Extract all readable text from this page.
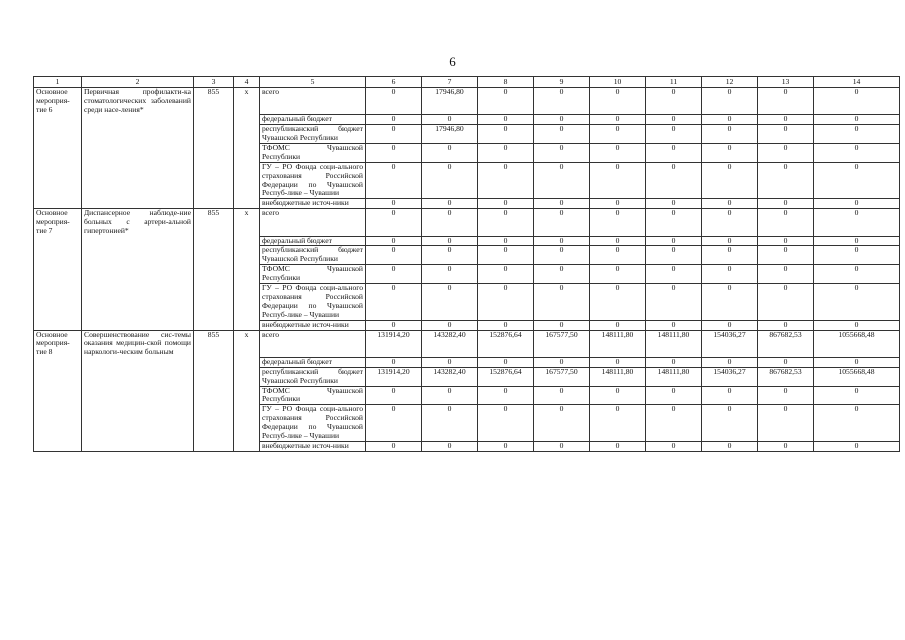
6
1	2	3	4	5	6	7	8	9	10	11	12	13	14
Основное мероприя-тие 6	Первичная профилакти-ка стоматологических заболеваний среди насе-ления*	855	х	всего	0	17946,80	0	0	0	0	0	0	0
				федеральный бюджет	0	0	0	0	0	0	0	0	0
				республиканский бюджет Чувашской Республики	0	17946,80	0	0	0	0	0	0	0
				ТФОМС Чувашской Республики	0	0	0	0	0	0	0	0	0
				ГУ – РО Фонда соци-ального страхования Российской Федерации по Чувашской Респуб-лике – Чувашии	0	0	0	0	0	0	0	0	0
				внебюджетные источ-ники	0	0	0	0	0	0	0	0	0
Основное мероприя-тие 7	Диспансерное наблюде-ние больных с артери-альной гипертонией*	855	х	всего	0	0	0	0	0	0	0	0	0
				федеральный бюджет	0	0	0	0	0	0	0	0	0
				республиканский бюджет Чувашской Республики	0	0	0	0	0	0	0	0	0
				ТФОМС Чувашской Республики	0	0	0	0	0	0	0	0	0
				ГУ – РО Фонда соци-ального страхования Российской Федерации по Чувашской Респуб-лике – Чувашии	0	0	0	0	0	0	0	0	0
				внебюджетные источ-ники	0	0	0	0	0	0	0	0	0
Основное мероприя-тие 8	Совершенствование сис-темы оказания медицин-ской помощи наркологи-ческим больным	855	х	всего	131914,20	143282,40	152876,64	167577,50	148111,80	148111,80	154036,27	867682,53	1055668,48
				федеральный бюджет	0	0	0	0	0	0	0	0	0
				республиканский бюджет Чувашской Республики	131914,20	143282,40	152876,64	167577,50	148111,80	148111,80	154036,27	867682,53	1055668,48
				ТФОМС Чувашской Республики	0	0	0	0	0	0	0	0	0
				ГУ – РО Фонда соци-ального страхования Российской Федерации по Чувашской Респуб-лике – Чувашии	0	0	0	0	0	0	0	0	0
				внебюджетные источ-ники	0	0	0	0	0	0	0	0	0
